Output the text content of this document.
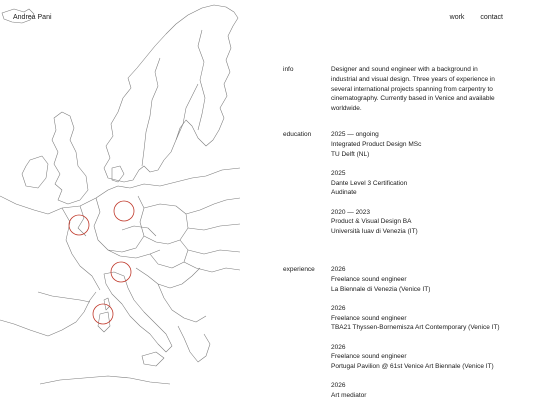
Andrea Pani	work contact
info	Designer and sound engineer with a background in industrial and visual design. Three years of experience in several international projects spanning from carpentry to cinematography. Currently based in Venice and available worldwide.
education	2025 — ongoing
Integrated Product Design MSc
TU Delft (NL)
2025
Dante Level 3 Certification
Audinate
2020 — 2023
Product & Visual Design BA
Università Iuav di Venezia (IT)
experience	2026
Freelance sound engineer
La Biennale di Venezia (Venice IT)
2026
Freelance sound engineer
TBA21 Thyssen-Bornemisza Art Contemporary (Venice IT)
2026
Freelance sound engineer
Portugal Pavilion @ 61st Venice Art Biennale (Venice IT)
2026
Art mediator
